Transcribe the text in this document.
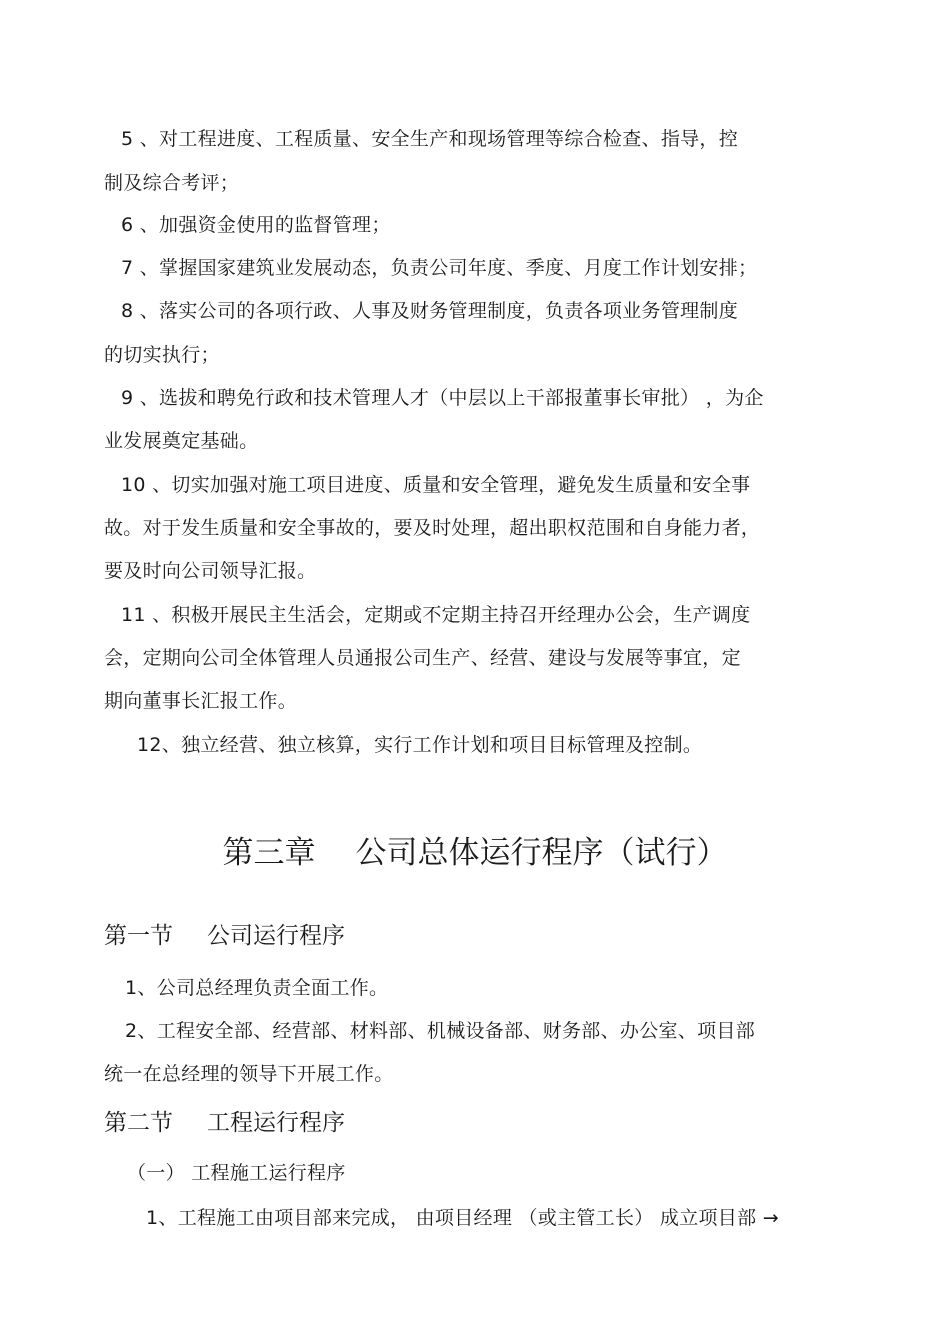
5 、对工程进度、工程质量、安全生产和现场管理等综合检查、指导，控
制及综合考评；
6 、加强资金使用的监督管理；
7 、掌握国家建筑业发展动态，负责公司年度、季度、月度工作计划安排；
8 、落实公司的各项行政、人事及财务管理制度，负责各项业务管理制度
的切实执行；
9 、选拔和聘免行政和技术管理人才（中层以上干部报董事长审批） ，为企
业发展奠定基础。
10 、切实加强对施工项目进度、质量和安全管理，避免发生质量和安全事
故。对于发生质量和安全事故的，要及时处理，超出职权范围和自身能力者，
要及时向公司领导汇报。
11 、积极开展民主生活会，定期或不定期主持召开经理办公会，生产调度
会，定期向公司全体管理人员通报公司生产、经营、建设与发展等事宜，定
期向董事长汇报工作。
12、独立经营、独立核算，实行工作计划和项目目标管理及控制。
第三章 公司总体运行程序（试行）
第一节 公司运行程序
1、公司总经理负责全面工作。
2、工程安全部、经营部、材料部、机械设备部、财务部、办公室、项目部
统一在总经理的领导下开展工作。
第二节 工程运行程序
（一） 工程施工运行程序
1、工程施工由项目部来完成， 由项目经理 （或主管工长） 成立项目部 →
